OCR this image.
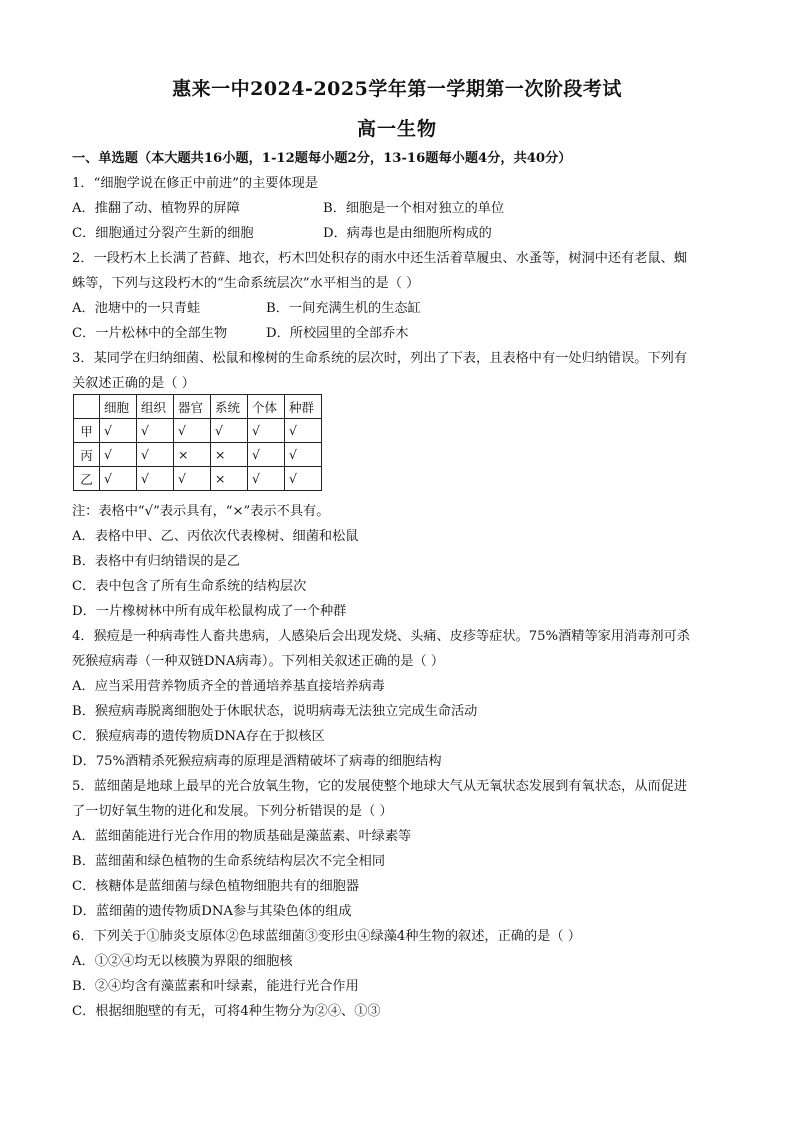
惠来一中2024-2025学年第一学期第一次阶段考试
高一生物
一、单选题（本大题共16小题，1-12题每小题2分，13-16题每小题4分，共40分）
1．“细胞学说在修正中前进”的主要体现是
A．推翻了动、植物界的屏障	B．细胞是一个相对独立的单位
C．细胞通过分裂产生新的细胞	D．病毒也是由细胞所构成的
2．一段朽木上长满了苔藓、地衣，朽木凹处积存的雨水中还生活着草履虫、水蚤等，树洞中还有老鼠、蜘
蛛等，下列与这段朽木的“生命系统层次”水平相当的是（ ）
A．池塘中的一只青蛙	B．一间充满生机的生态缸
C．一片松林中的全部生物	D．所校园里的全部乔木
3．某同学在归纳细菌、松鼠和橡树的生命系统的层次时，列出了下表，且表格中有一处归纳错误。下列有
关叙述正确的是（ ）
	细胞	组织	器官	系统	个体	种群
甲	√	√	√	√	√	√
丙	√	√	×	×	√	√
乙	√	√	√	×	√	√
注：表格中“√”表示具有，“×”表示不具有。
A．表格中甲、乙、丙依次代表橡树、细菌和松鼠
B．表格中有归纳错误的是乙
C．表中包含了所有生命系统的结构层次
D．一片橡树林中所有成年松鼠构成了一个种群
4．猴痘是一种病毒性人畜共患病，人感染后会出现发烧、头痛、皮疹等症状。75%酒精等家用消毒剂可杀
死猴痘病毒（一种双链DNA病毒）。下列相关叙述正确的是（ ）
A．应当采用营养物质齐全的普通培养基直接培养病毒
B．猴痘病毒脱离细胞处于休眠状态，说明病毒无法独立完成生命活动
C．猴痘病毒的遗传物质DNA存在于拟核区
D．75%酒精杀死猴痘病毒的原理是酒精破坏了病毒的细胞结构
5．蓝细菌是地球上最早的光合放氧生物，它的发展使整个地球大气从无氧状态发展到有氧状态，从而促进
了一切好氧生物的进化和发展。下列分析错误的是（ ）
A．蓝细菌能进行光合作用的物质基础是藻蓝素、叶绿素等
B．蓝细菌和绿色植物的生命系统结构层次不完全相同
C．核糖体是蓝细菌与绿色植物细胞共有的细胞器
D．蓝细菌的遗传物质DNA参与其染色体的组成
6．下列关于①肺炎支原体②色球蓝细菌③变形虫④绿藻4种生物的叙述，正确的是（ ）
A．①②④均无以核膜为界限的细胞核
B．②④均含有藻蓝素和叶绿素，能进行光合作用
C．根据细胞壁的有无，可将4种生物分为②④、①③
